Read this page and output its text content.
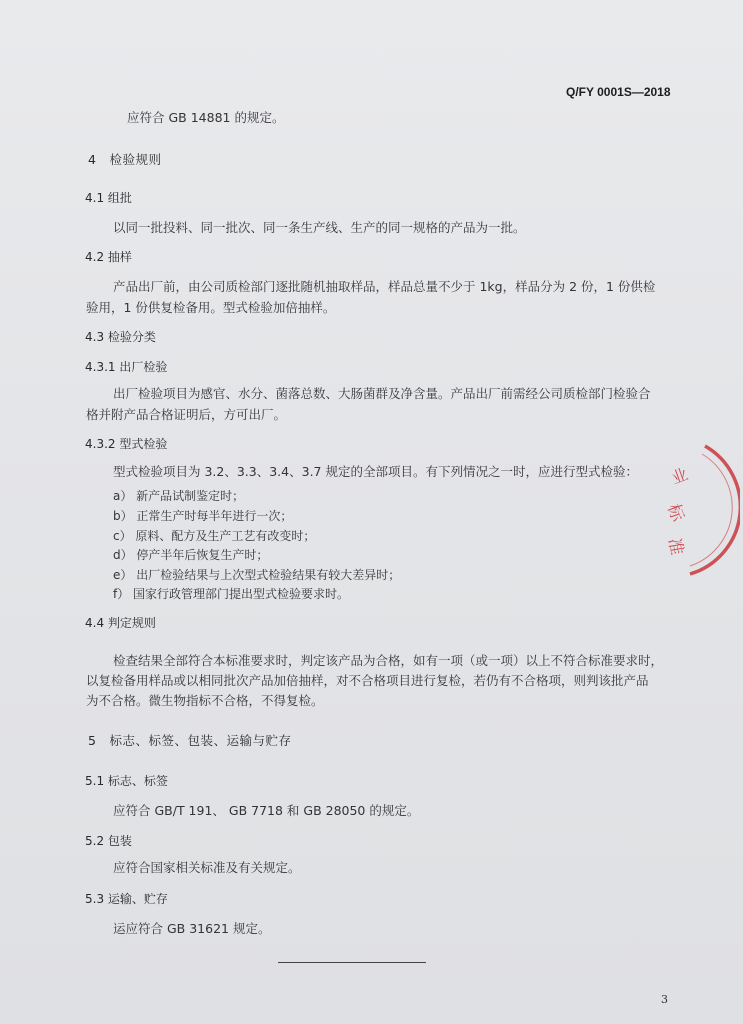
Q/FY 0001S—2018
应符合 GB 14881 的规定。
4　检验规则
4.1 组批
以同一批投料、同一批次、同一条生产线、生产的同一规格的产品为一批。
4.2 抽样
产品出厂前，由公司质检部门逐批随机抽取样品，样品总量不少于 1kg，样品分为 2 份，1 份供检
验用，1 份供复检备用。型式检验加倍抽样。
4.3 检验分类
4.3.1 出厂检验
出厂检验项目为感官、水分、菌落总数、大肠菌群及净含量。产品出厂前需经公司质检部门检验合
格并附产品合格证明后，方可出厂。
4.3.2 型式检验
型式检验项目为 3.2、3.3、3.4、3.7 规定的全部项目。有下列情况之一时，应进行型式检验：
a） 新产品试制鉴定时；
b） 正常生产时每半年进行一次；
c） 原料、配方及生产工艺有改变时；
d） 停产半年后恢复生产时；
e） 出厂检验结果与上次型式检验结果有较大差异时；
f） 国家行政管理部门提出型式检验要求时。
4.4 判定规则
检查结果全部符合本标准要求时，判定该产品为合格，如有一项（或一项）以上不符合标准要求时，
以复检备用样品或以相同批次产品加倍抽样，对不合格项目进行复检，若仍有不合格项，则判该批产品
为不合格。微生物指标不合格，不得复检。
5　标志、标签、包装、运输与贮存
5.1 标志、标签
应符合 GB/T 191、 GB 7718 和 GB 28050 的规定。
5.2 包装
应符合国家相关标准及有关规定。
5.3 运输、贮存
运应符合 GB 31621 规定。
业
标
准
3
